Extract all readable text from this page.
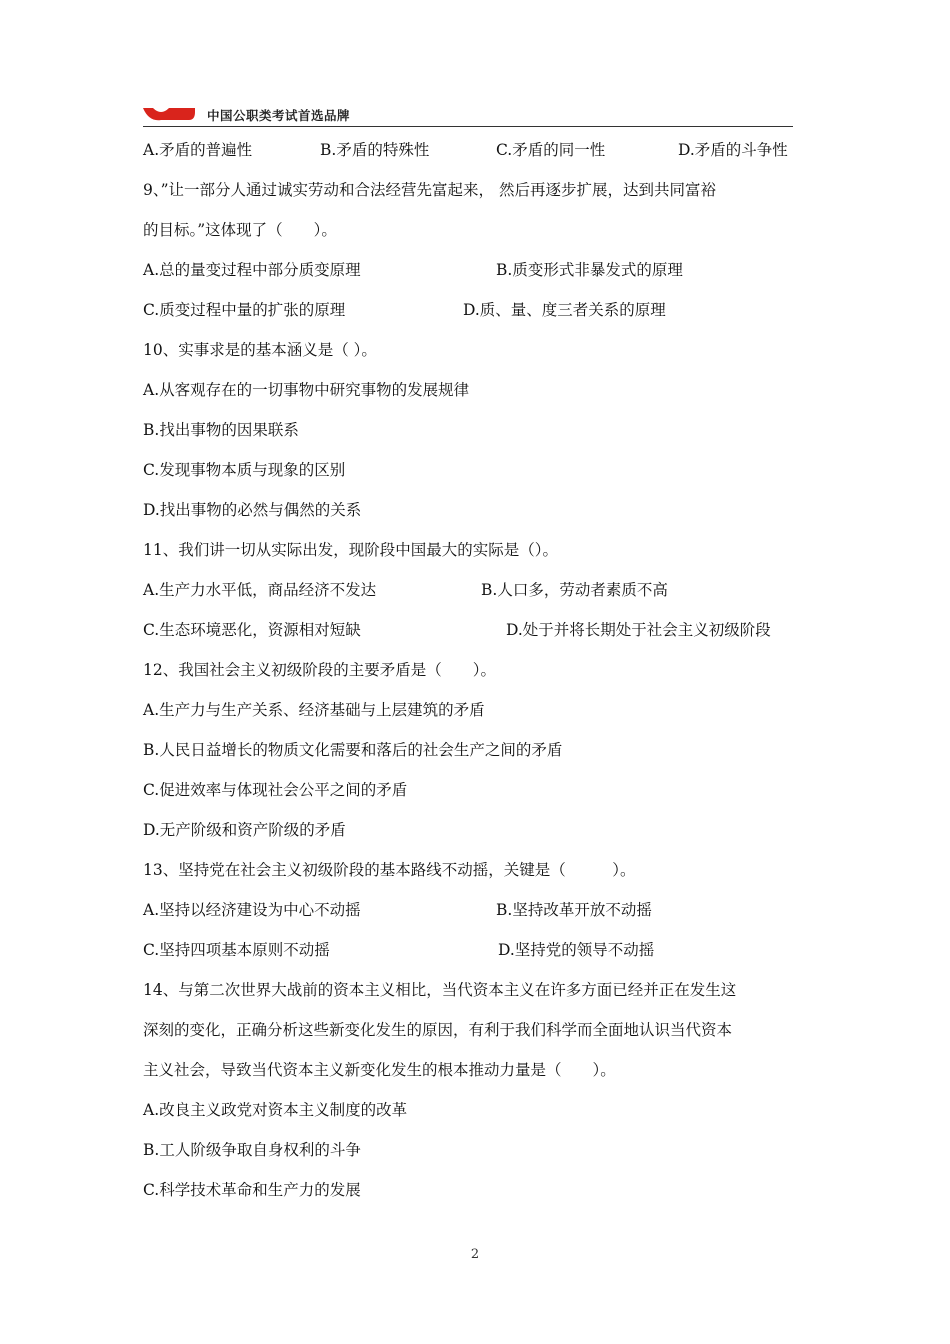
中国公职类考试首选品牌
A.矛盾的普遍性	B.矛盾的特殊性	C.矛盾的同一性	D.矛盾的斗争性
9、”让一部分人通过诚实劳动和合法经营先富起来， 然后再逐步扩展，达到共同富裕
的目标。”这体现了（　　）。
A.总的量变过程中部分质变原理	B.质变形式非暴发式的原理
C.质变过程中量的扩张的原理	D.质、量、度三者关系的原理
10、实事求是的基本涵义是（ ）。
A.从客观存在的一切事物中研究事物的发展规律
B.找出事物的因果联系
C.发现事物本质与现象的区别
D.找出事物的必然与偶然的关系
11、我们讲一切从实际出发，现阶段中国最大的实际是（）。
A.生产力水平低，商品经济不发达	B.人口多，劳动者素质不高
C.生态环境恶化，资源相对短缺	D.处于并将长期处于社会主义初级阶段
12、我国社会主义初级阶段的主要矛盾是（　　）。
A.生产力与生产关系、经济基础与上层建筑的矛盾
B.人民日益增长的物质文化需要和落后的社会生产之间的矛盾
C.促进效率与体现社会公平之间的矛盾
D.无产阶级和资产阶级的矛盾
13、坚持党在社会主义初级阶段的基本路线不动摇，关键是（　　　）。
A.坚持以经济建设为中心不动摇	B.坚持改革开放不动摇
C.坚持四项基本原则不动摇	D.坚持党的领导不动摇
14、与第二次世界大战前的资本主义相比，当代资本主义在许多方面已经并正在发生这
深刻的变化，正确分析这些新变化发生的原因，有利于我们科学而全面地认识当代资本
主义社会，导致当代资本主义新变化发生的根本推动力量是（　　）。
A.改良主义政党对资本主义制度的改革
B.工人阶级争取自身权利的斗争
C.科学技术革命和生产力的发展
2
